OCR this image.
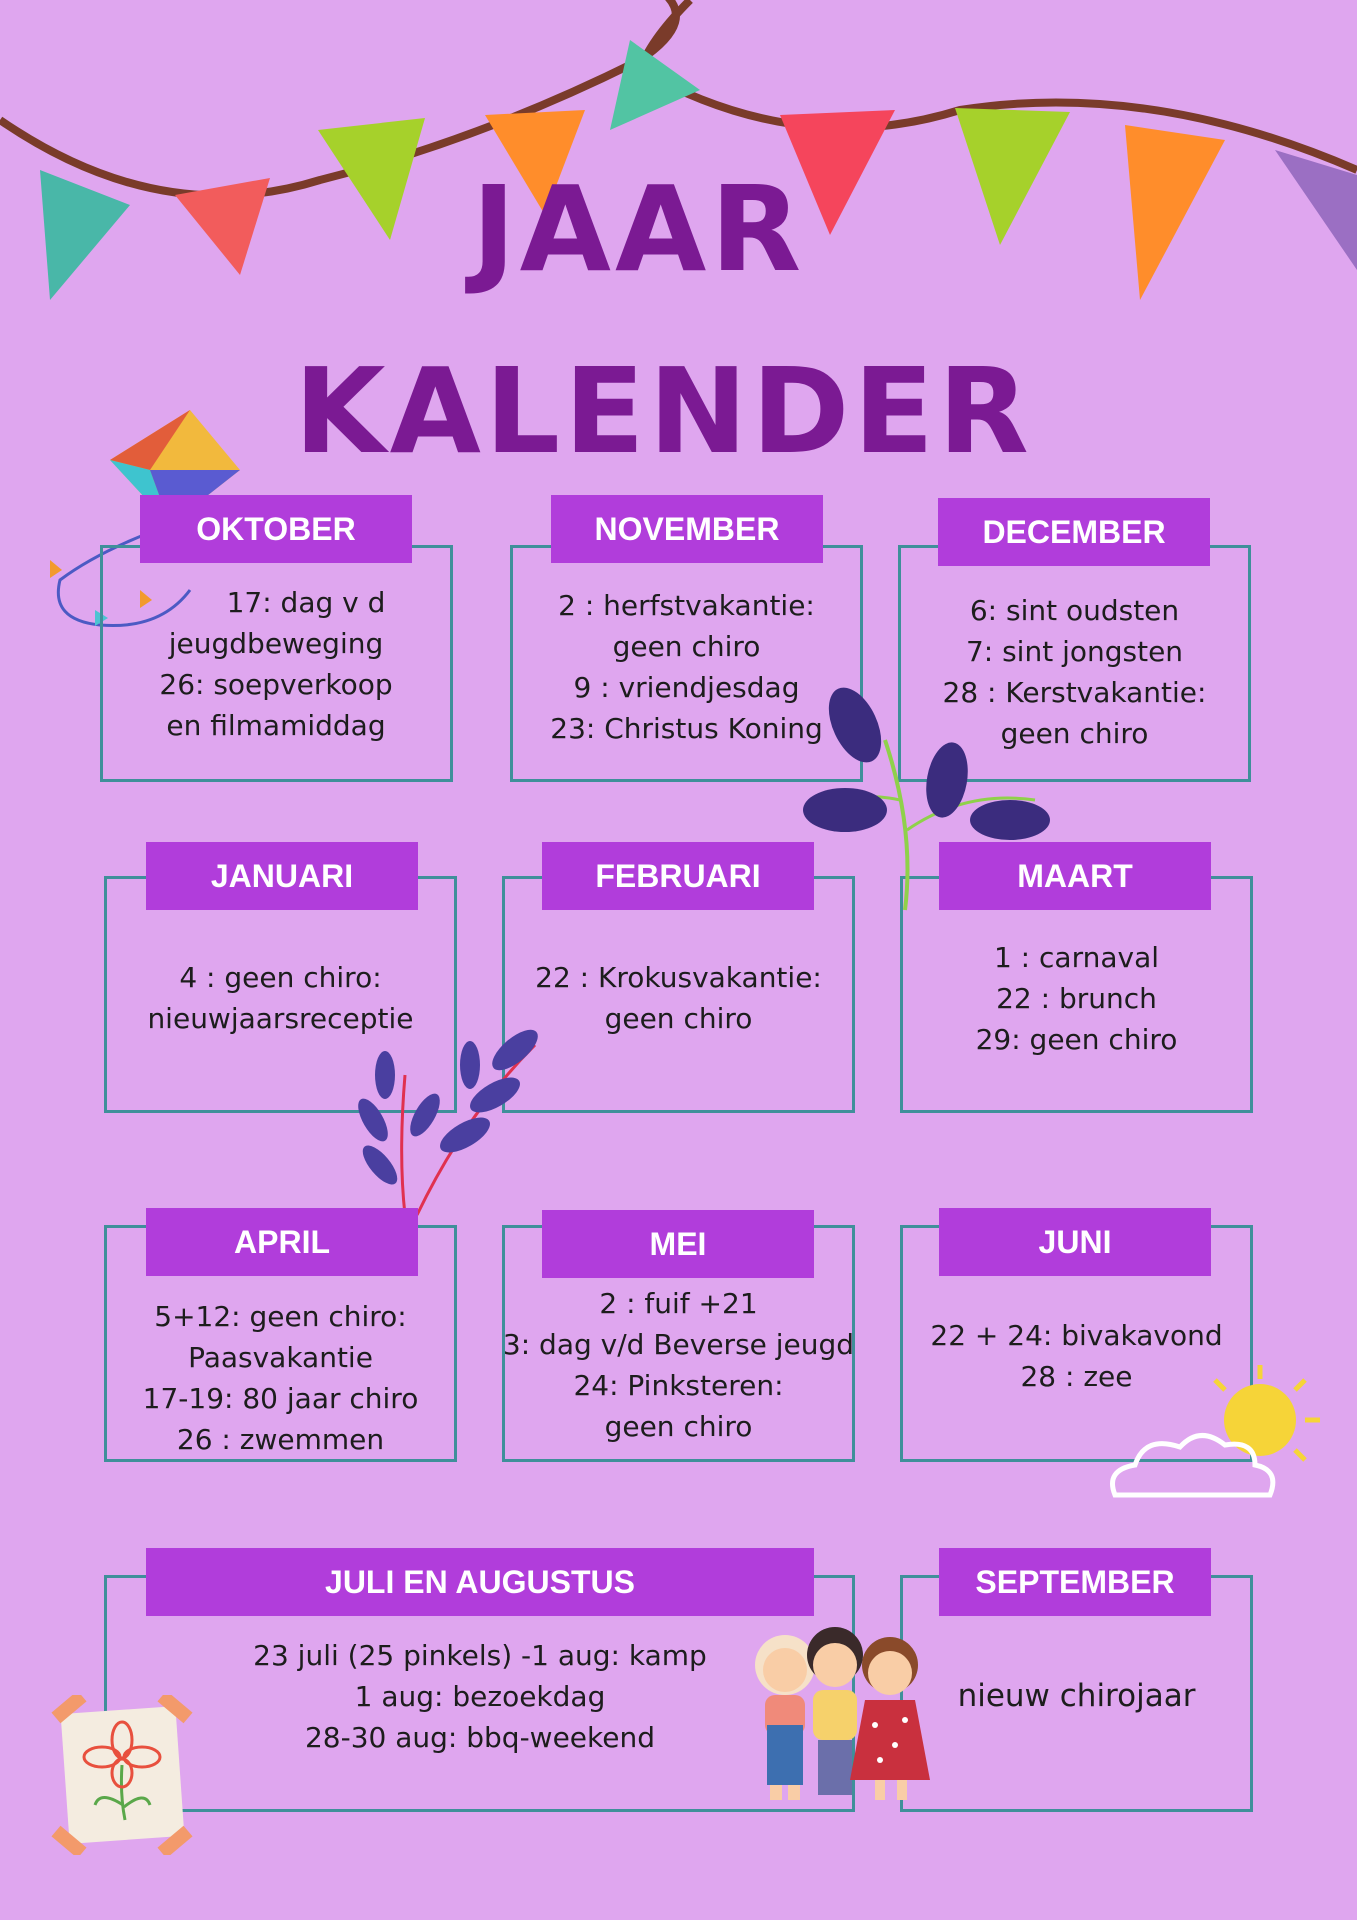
JAAR
KALENDER
OKTOBER
17: dag v d
jeugdbeweging
26: soepverkoop
en filmamiddag
NOVEMBER
2 : herfstvakantie:
geen chiro
9 : vriendjesdag
23: Christus Koning
DECEMBER
6: sint oudsten
7: sint jongsten
28 : Kerstvakantie:
geen chiro
JANUARI
4 : geen chiro:
nieuwjaarsreceptie
FEBRUARI
22 : Krokusvakantie:
geen chiro
MAART
1 : carnaval
22 : brunch
29: geen chiro
APRIL
5+12: geen chiro:
Paasvakantie
17-19: 80 jaar chiro
26 : zwemmen
MEI
2 : fuif +21
3: dag v/d Beverse jeugd
24: Pinksteren:
geen chiro
JUNI
22 + 24: bivakavond
28 : zee
JULI EN AUGUSTUS
23 juli (25 pinkels) -1 aug: kamp
1 aug: bezoekdag
28-30 aug: bbq-weekend
SEPTEMBER
nieuw chirojaar
